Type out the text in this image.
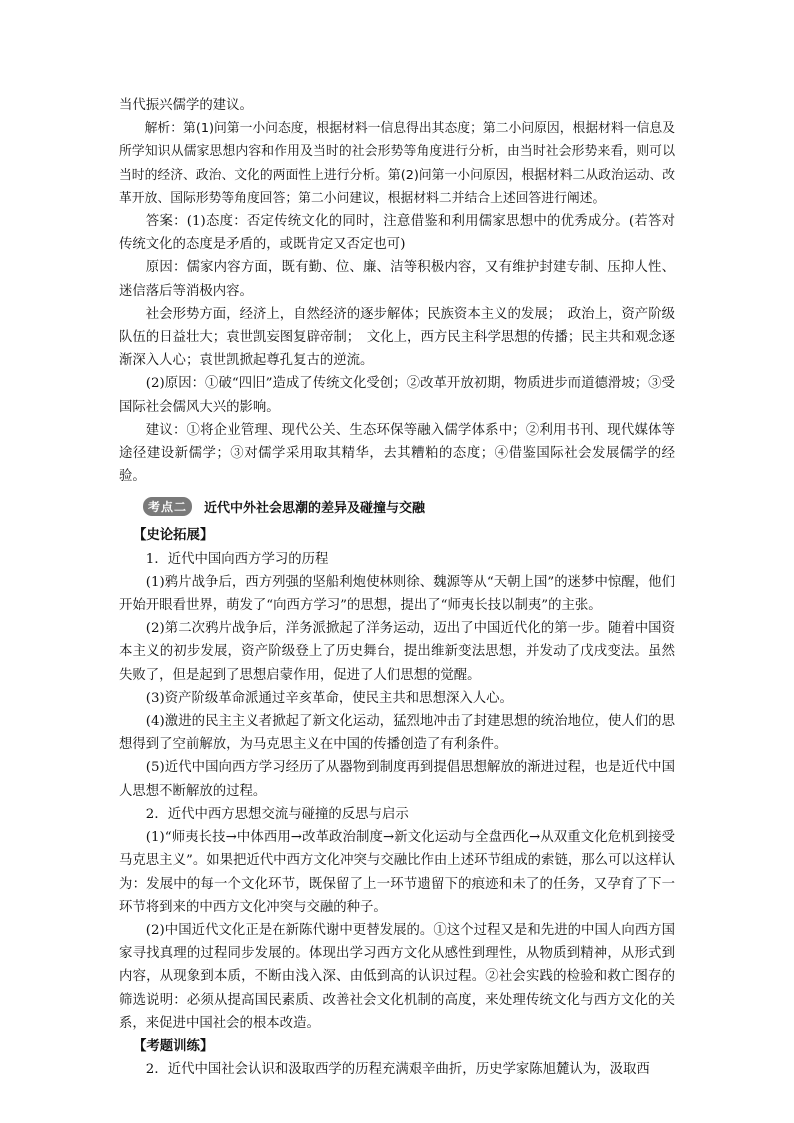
当代振兴儒学的建议。

解析：第(1)问第一小问态度，根据材料一信息得出其态度；第二小问原因，根据材料一信息及所学知识从儒家思想内容和作用及当时的社会形势等角度进行分析，由当时社会形势来看，则可以当时的经济、政治、文化的两面性上进行分析。第(2)问第一小问原因，根据材料二从政治运动、改革开放、国际形势等角度回答；第二小问建议，根据材料二并结合上述回答进行阐述。

答案：(1)态度：否定传统文化的同时，注意借鉴和利用儒家思想中的优秀成分。(若答对传统文化的态度是矛盾的，或既肯定又否定也可)

原因：儒家内容方面，既有勤、位、廉、洁等积极内容，又有维护封建专制、压抑人性、迷信落后等消极内容。

社会形势方面，经济上，自然经济的逐步解体；民族资本主义的发展；　政治上，资产阶级队伍的日益壮大；袁世凯妄图复辟帝制；　文化上，西方民主科学思想的传播；民主共和观念逐渐深入人心；袁世凯掀起尊孔复古的逆流。

(2)原因：①破“四旧”造成了传统文化受创；②改革开放初期，物质进步而道德滑坡；③受国际社会儒风大兴的影响。

建议：①将企业管理、现代公关、生态环保等融入儒学体系中；②利用书刊、现代媒体等途径建设新儒学；③对儒学采用取其精华，去其糟粕的态度；④借鉴国际社会发展儒学的经验。

考点二	近代中外社会思潮的差异及碰撞与交融

【史论拓展】

1．近代中国向西方学习的历程

(1)鸦片战争后，西方列强的坚船利炮使林则徐、魏源等从“天朝上国”的迷梦中惊醒，他们开始开眼看世界，萌发了“向西方学习”的思想，提出了“师夷长技以制夷”的主张。

(2)第二次鸦片战争后，洋务派掀起了洋务运动，迈出了中国近代化的第一步。随着中国资本主义的初步发展，资产阶级登上了历史舞台，提出维新变法思想，并发动了戊戌变法。虽然失败了，但是起到了思想启蒙作用，促进了人们思想的觉醒。

(3)资产阶级革命派通过辛亥革命，使民主共和思想深入人心。

(4)激进的民主主义者掀起了新文化运动，猛烈地冲击了封建思想的统治地位，使人们的思想得到了空前解放，为马克思主义在中国的传播创造了有利条件。

(5)近代中国向西方学习经历了从器物到制度再到提倡思想解放的渐进过程，也是近代中国人思想不断解放的过程。

2．近代中西方思想交流与碰撞的反思与启示

(1)“师夷长技→中体西用→改革政治制度→新文化运动与全盘西化→从双重文化危机到接受马克思主义”。如果把近代中西方文化冲突与交融比作由上述环节组成的索链，那么可以这样认为：发展中的每一个文化环节，既保留了上一环节遗留下的痕迹和未了的任务，又孕育了下一环节将到来的中西方文化冲突与交融的种子。

(2)中国近代文化正是在新陈代谢中更替发展的。①这个过程又是和先进的中国人向西方国家寻找真理的过程同步发展的。体现出学习西方文化从感性到理性，从物质到精神，从形式到内容，从现象到本质，不断由浅入深、由低到高的认识过程。②社会实践的检验和救亡图存的筛选说明：必须从提高国民素质、改善社会文化机制的高度，来处理传统文化与西方文化的关系，来促进中国社会的根本改造。

【考题训练】

2．近代中国社会认识和汲取西学的历程充满艰辛曲折，历史学家陈旭麓认为，汲取西
